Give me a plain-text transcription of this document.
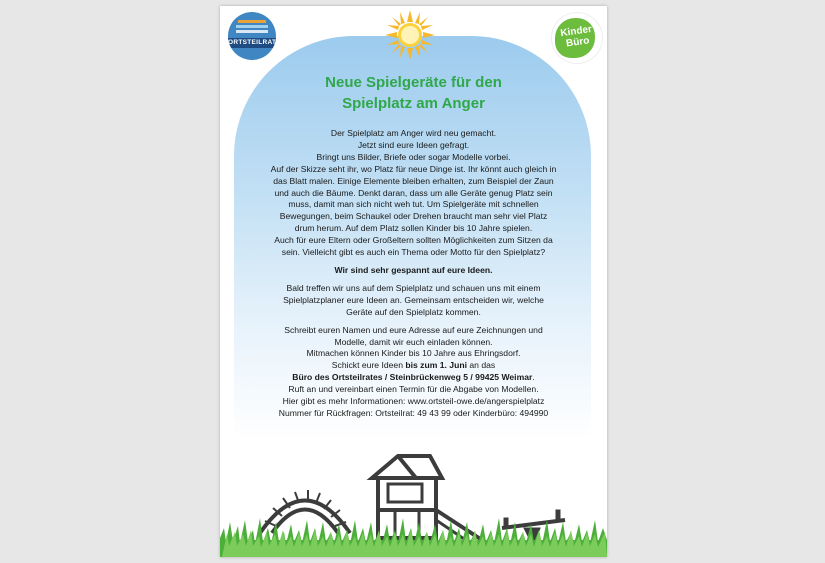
ORTSTEILRAT
Kinder Büro
Neue Spielgeräte für den
Spielplatz am Anger

Der Spielplatz am Anger wird neu gemacht.

Jetzt sind eure Ideen gefragt.

Bringt uns Bilder, Briefe oder sogar Modelle vorbei.

Auf der Skizze seht ihr, wo Platz für neue Dinge ist. Ihr könnt auch gleich in

das Blatt malen. Einige Elemente bleiben erhalten, zum Beispiel der Zaun

und auch die Bäume. Denkt daran, dass um alle Geräte genug Platz sein

muss, damit man sich nicht weh tut. Um Spielgeräte mit schnellen

Bewegungen, beim Schaukel oder Drehen braucht man sehr viel Platz

drum herum. Auf dem Platz sollen Kinder bis 10 Jahre spielen.

Auch für eure Eltern oder Großeltern sollten Möglichkeiten zum Sitzen da

sein. Vielleicht gibt es auch ein Thema oder Motto für den Spielplatz?

Wir sind sehr gespannt auf eure Ideen.

Bald treffen wir uns auf dem Spielplatz und schauen uns mit einem

Spielplatzplaner eure Ideen an. Gemeinsam entscheiden wir, welche

Geräte auf den Spielplatz kommen.

Schreibt euren Namen und eure Adresse auf eure Zeichnungen und

Modelle, damit wir euch einladen können.

Mitmachen können Kinder bis 10 Jahre aus Ehringsdorf.

Schickt eure Ideen bis zum 1. Juni an das

Büro des Ortsteilrates / Steinbrückenweg 5 / 99425 Weimar.

Ruft an und vereinbart einen Termin für die Abgabe von Modellen.

Hier gibt es mehr Informationen: www.ortsteil-owe.de/angerspielplatz

Nummer für Rückfragen: Ortsteilrat: 49 43 99 oder Kinderbüro: 494990
